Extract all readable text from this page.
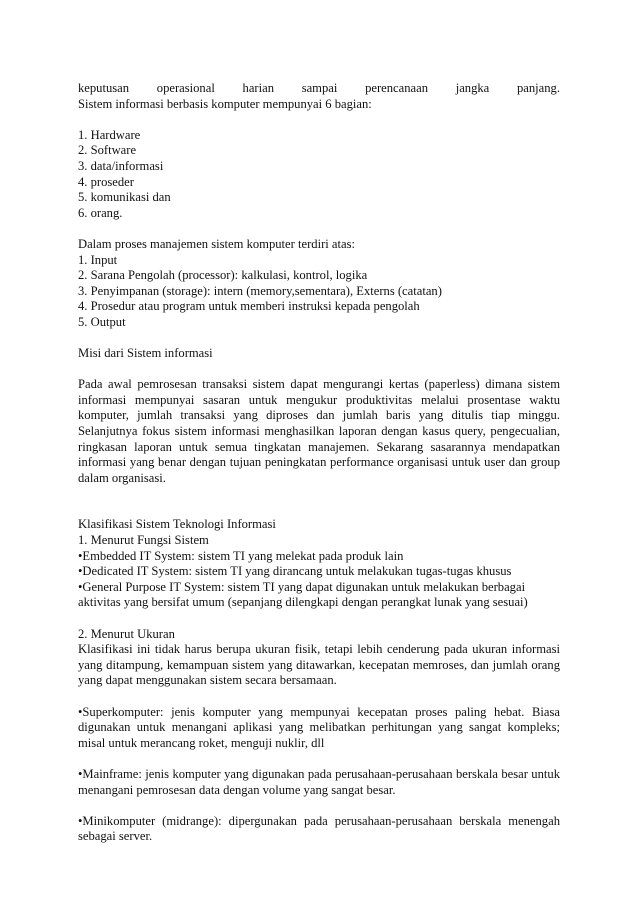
keputusan operasional harian sampai perencanaan jangka panjang.
Sistem informasi berbasis komputer mempunyai 6 bagian:
1. Hardware
2. Software
3. data/informasi
4. proseder
5. komunikasi dan
6. orang.
Dalam proses manajemen sistem komputer terdiri atas:
1. Input
2. Sarana Pengolah (processor): kalkulasi, kontrol, logika
3. Penyimpanan (storage): intern (memory,sementara), Externs (catatan)
4. Prosedur atau program untuk memberi instruksi kepada pengolah
5. Output
Misi dari Sistem informasi

Pada awal pemrosesan transaksi sistem dapat mengurangi kertas (paperless) dimana sistem informasi mempunyai sasaran untuk mengukur produktivitas melalui prosentase waktu komputer, jumlah transaksi yang diproses dan jumlah baris yang ditulis tiap minggu. Selanjutnya fokus sistem informasi menghasilkan laporan dengan kasus query, pengecualian, ringkasan laporan untuk semua tingkatan manajemen. Sekarang sasarannya mendapatkan informasi yang benar dengan tujuan peningkatan performance organisasi untuk user dan group dalam organisasi.

Klasifikasi Sistem Teknologi Informasi
1. Menurut Fungsi Sistem

•Embedded IT System: sistem TI yang melekat pada produk lain

•Dedicated IT System: sistem TI yang dirancang untuk melakukan tugas-tugas khusus

•General Purpose IT System: sistem TI yang dapat digunakan untuk melakukan berbagai aktivitas yang bersifat umum (sepanjang dilengkapi dengan perangkat lunak yang sesuai)

2. Menurut Ukuran

Klasifikasi ini tidak harus berupa ukuran fisik, tetapi lebih cenderung pada ukuran informasi yang ditampung, kemampuan sistem yang ditawarkan, kecepatan memroses, dan jumlah orang yang dapat menggunakan sistem secara bersamaan.

•Superkomputer: jenis komputer yang mempunyai kecepatan proses paling hebat. Biasa digunakan untuk menangani aplikasi yang melibatkan perhitungan yang sangat kompleks; misal untuk merancang roket, menguji nuklir, dll

•Mainframe: jenis komputer yang digunakan pada perusahaan-perusahaan berskala besar untuk menangani pemrosesan data dengan volume yang sangat besar.

•Minikomputer (midrange): dipergunakan pada perusahaan-perusahaan berskala menengah sebagai server.
